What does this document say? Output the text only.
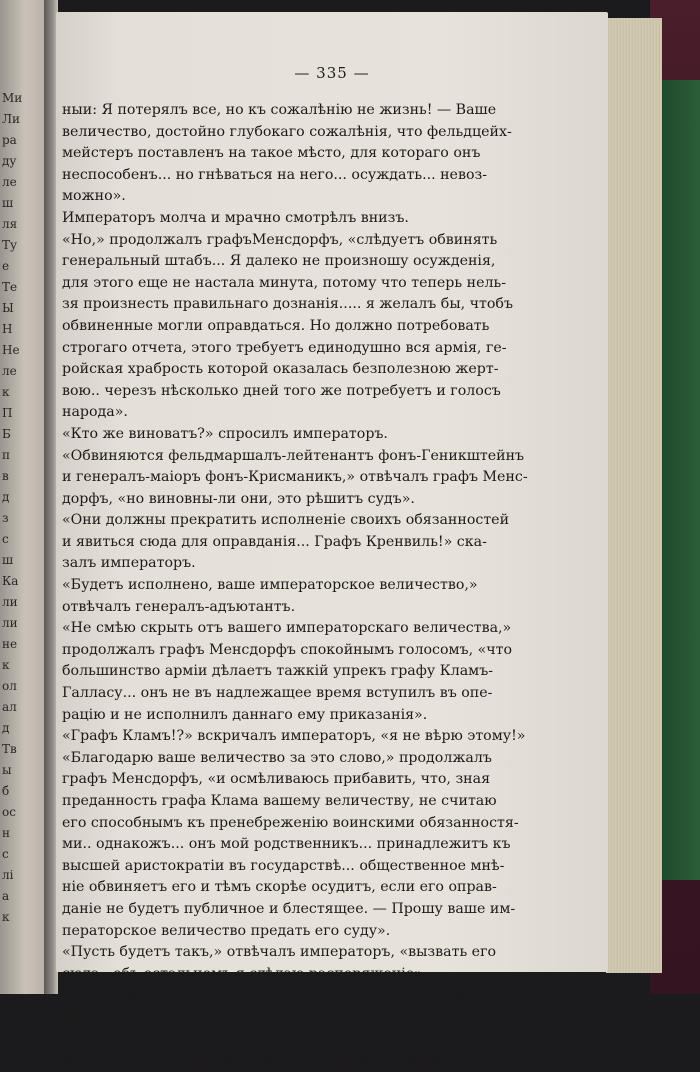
Ми
Ли
ра
ду
ле
ш
ля
Ту
е
Те
Ы
Н
Не
ле
к
П
Б
п
в
д
з
с
ш
Ка
ли
ли
не
к
ол
ал
д
Тв
ы
б
ос
н
с
лі
а
к
— 335 —
ныи: Я потерялъ все, но къ сожалѣнію не жизнь! — Ваше
величество, достойно глубокаго сожалѣнія, что фельдцейх-
мейстеръ поставленъ на такое мѣсто, для котораго онъ
неспособенъ... но гнѣваться на него... осуждать... невоз-
можно».
Императоръ молча и мрачно смотрѣлъ внизъ.
«Но,» продолжалъ графъМенсдорфъ, «слѣдуетъ обвинять
генеральный штабъ... Я далеко не произношу осужденія,
для этого еще не настала минута, потому что теперь нель-
зя произнесть правильнаго дознанія..... я желалъ бы, чтобъ
обвиненные могли оправдаться. Но должно потребовать
строгаго отчета, этого требуетъ единодушно вся армія, ге-
ройская храбрость которой оказалась безполезною жерт-
вою.. черезъ нѣсколько дней того же потребуетъ и голосъ
народа».
«Кто же виноватъ?» спросилъ императоръ.
«Обвиняются фельдмаршалъ-лейтенантъ фонъ-Геникштейнъ
и генералъ-маіоръ фонъ-Крисманикъ,» отвѣчалъ графъ Менс-
дорфъ, «но виновны-ли они, это рѣшитъ судъ».
«Они должны прекратить исполненіе своихъ обязанностей
и явиться сюда для оправданія... Графъ Кренвиль!» ска-
залъ императоръ.
«Будетъ исполнено, ваше императорское величество,»
отвѣчалъ генералъ-адъютантъ.
«Не смѣю скрыть отъ вашего императорскаго величества,»
продолжалъ графъ Менсдорфъ спокойнымъ голосомъ, «что
большинство арміи дѣлаетъ тажкій упрекъ графу Кламъ-
Галласу... онъ не въ надлежащее время вступилъ въ опе-
рацію и не исполнилъ даннаго ему приказанія».
«Графъ Кламъ!?» вскричалъ императоръ, «я не вѣрю этому!»
«Благодарю ваше величество за это слово,» продолжалъ
графъ Менсдорфъ, «и осмѣливаюсь прибавить, что, зная
преданность графа Клама вашему величеству, не считаю
его способнымъ къ пренебреженію воинскими обязанностя-
ми.. однакожъ... онъ мой родственникъ... принадлежитъ къ
высшей аристократіи въ государствѣ... общественное мнѣ-
ніе обвиняетъ его и тѣмъ скорѣе осудитъ, если его оправ-
даніе не будетъ публичное и блестящее. — Прошу ваше им-
ператорское величество предать его суду».
«Пусть будетъ такъ,» отвѣчалъ императоръ, «вызвать его
сюда.. объ остальномъ я сдѣлаю распоряженіе».
«Но что же дѣлать теперь,» продолжалъ онъ, «положеніе
безнадежно?»
«Ваше величество», отвѣчалъ графъ Менсдорфъ, «въ ар-
міи еще сто восемдесятъ тысячъ человѣкъ, правда, неспо-
